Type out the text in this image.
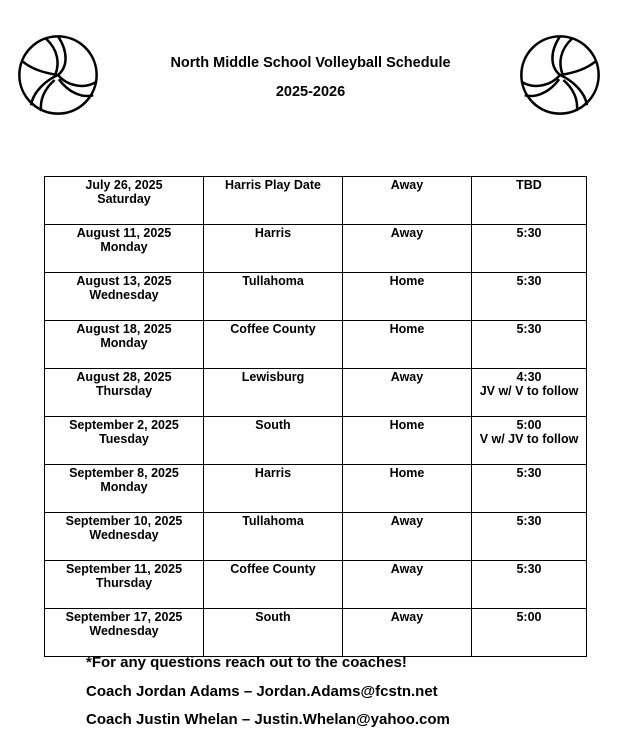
North Middle School Volleyball Schedule
2025-2026
July 26, 2025
Saturday	Harris Play Date	Away	TBD

August 11, 2025
Monday	Harris	Away	5:30

August 13, 2025
Wednesday	Tullahoma	Home	5:30

August 18, 2025
Monday	Coffee County	Home	5:30

August 28, 2025
Thursday	Lewisburg	Away	4:30
JV w/ V to follow

September 2, 2025
Tuesday	South	Home	5:00
V w/ JV to follow

September 8, 2025
Monday	Harris	Home	5:30

September 10, 2025
Wednesday	Tullahoma	Away	5:30

September 11, 2025
Thursday	Coffee County	Away	5:30

September 17, 2025
Wednesday	South	Away	5:00
*For any questions reach out to the coaches!
Coach Jordan Adams – Jordan.Adams@fcstn.net
Coach Justin Whelan – Justin.Whelan@yahoo.com
